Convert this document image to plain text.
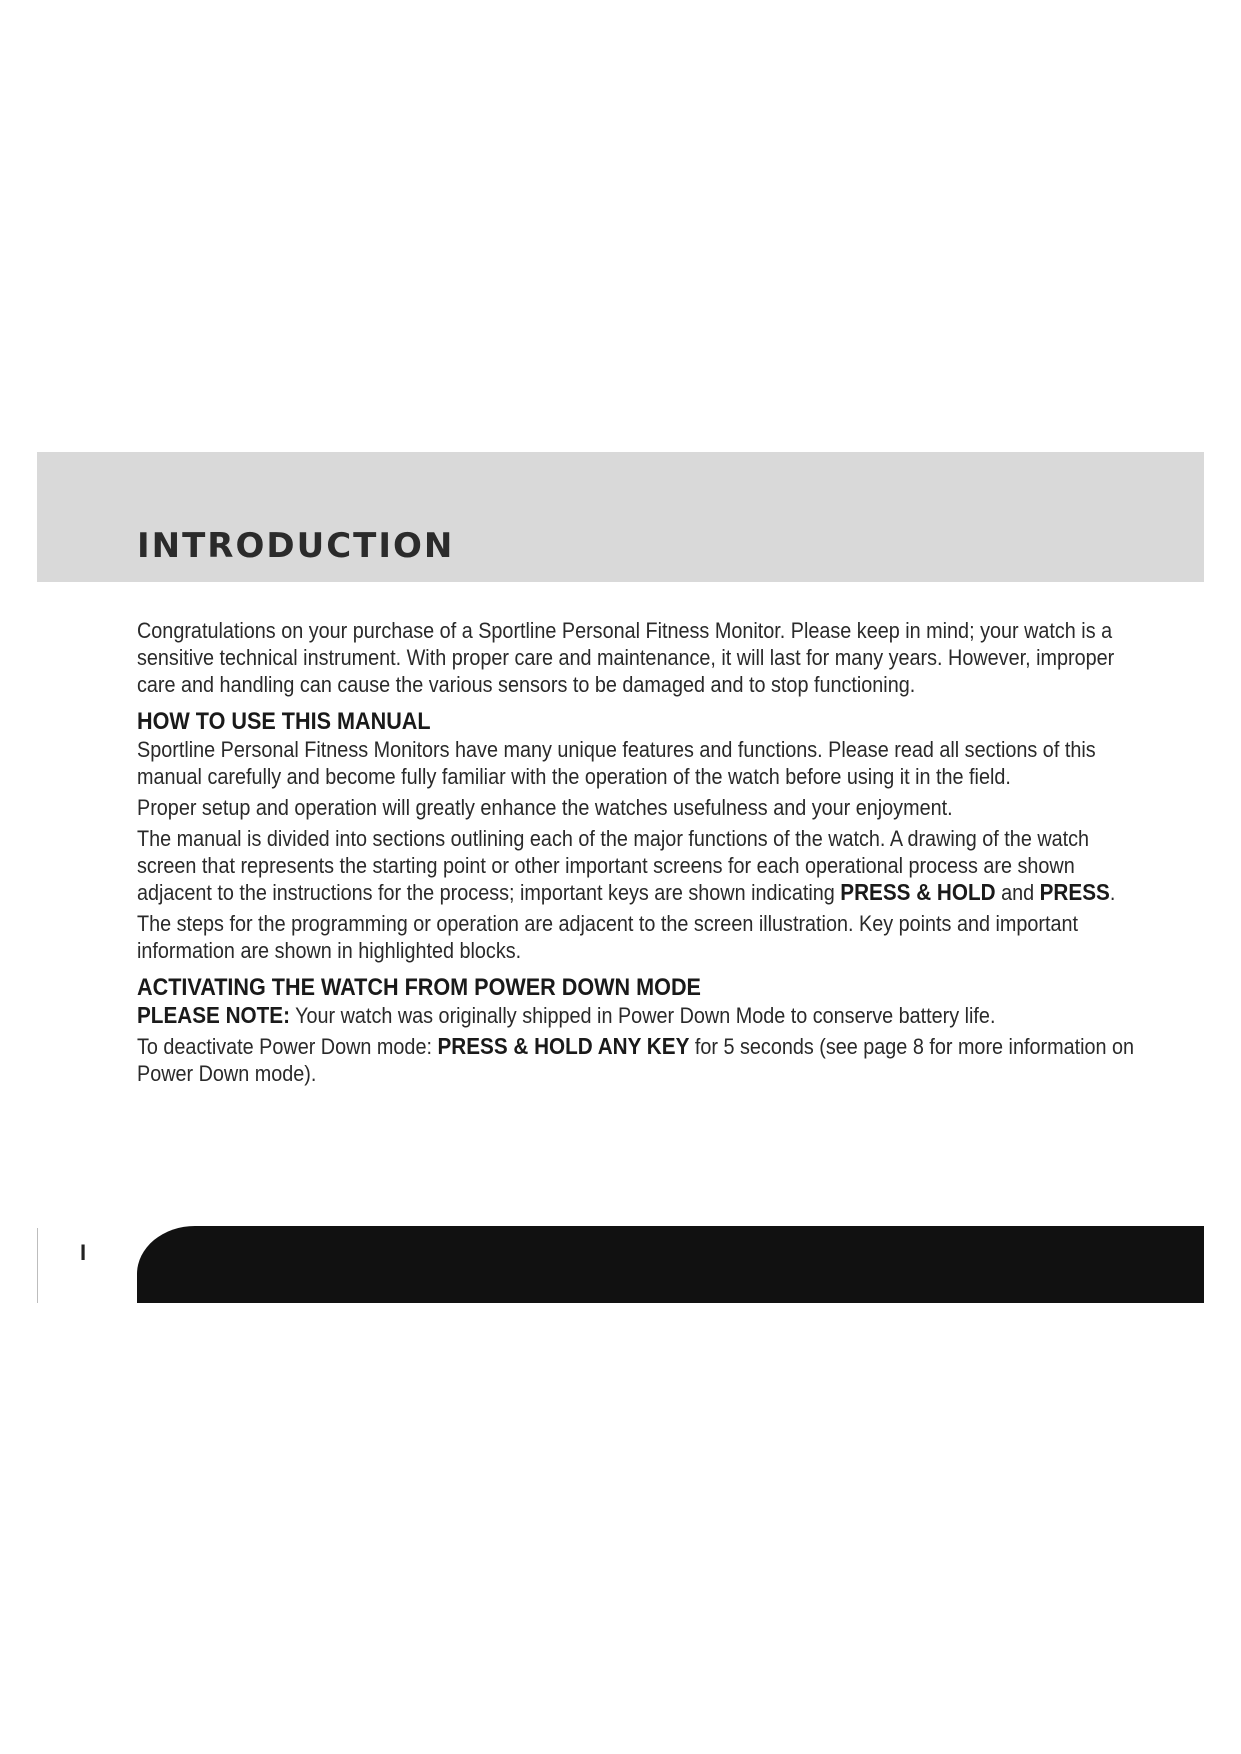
INTRODUCTION

Congratulations on your purchase of a Sportline Personal Fitness Monitor. Please keep in mind; your watch is a sensitive technical instrument. With proper care and maintenance, it will last for many years. However, improper care and handling can cause the various sensors to be damaged and to stop functioning.

HOW TO USE THIS MANUAL

Sportline Personal Fitness Monitors have many unique features and functions. Please read all sections of this manual carefully and become fully familiar with the operation of the watch before using it in the field.

Proper setup and operation will greatly enhance the watches usefulness and your enjoyment.

The manual is divided into sections outlining each of the major functions of the watch. A drawing of the watch screen that represents the starting point or other important screens for each operational process are shown adjacent to the instructions for the process; important keys are shown indicating PRESS & HOLD and PRESS.

The steps for the programming or operation are adjacent to the screen illustration. Key points and important information are shown in highlighted blocks.

ACTIVATING THE WATCH FROM POWER DOWN MODE

PLEASE NOTE: Your watch was originally shipped in Power Down Mode to conserve battery life.

To deactivate Power Down mode: PRESS & HOLD ANY KEY for 5 seconds (see page 8 for more information on Power Down mode).

I
